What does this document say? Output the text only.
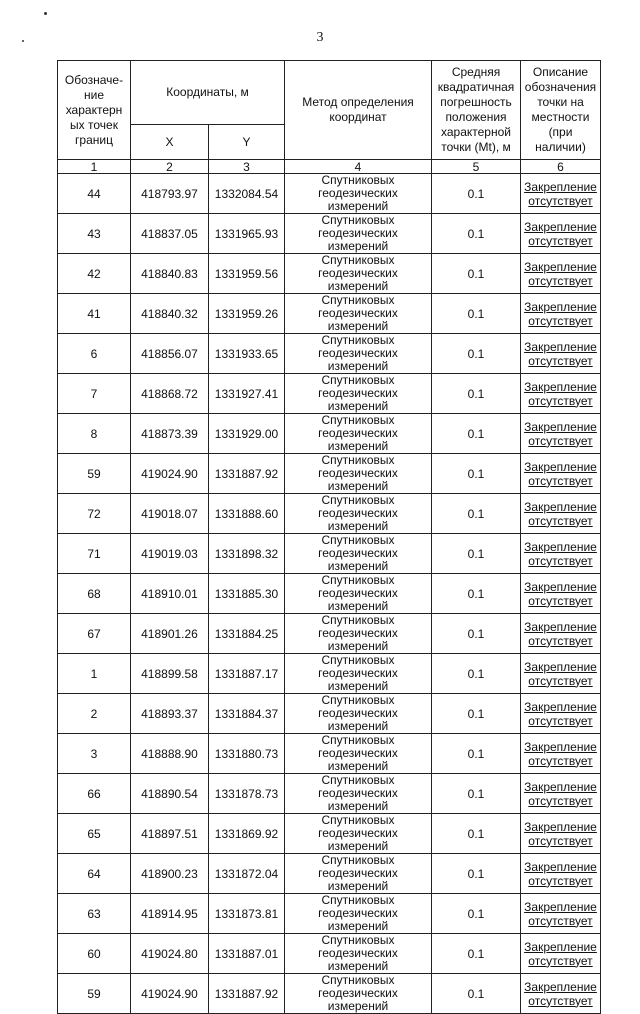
3
Обозначе-ние характерн ых точек границ	Координаты, м		Метод определения координат	Средняя квадратичная погрешность положения характерной точки (Mt), м	Описание обозначения точки на местности (при наличии)
	X	Y			
1	2	3	4	5	6
44	418793.97	1332084.54	Спутниковых геодезических измерений	0.1	Закрепление отсутствует
43	418837.05	1331965.93	Спутниковых геодезических измерений	0.1	Закрепление отсутствует
42	418840.83	1331959.56	Спутниковых геодезических измерений	0.1	Закрепление отсутствует
41	418840.32	1331959.26	Спутниковых геодезических измерений	0.1	Закрепление отсутствует
6	418856.07	1331933.65	Спутниковых геодезических измерений	0.1	Закрепление отсутствует
7	418868.72	1331927.41	Спутниковых геодезических измерений	0.1	Закрепление отсутствует
8	418873.39	1331929.00	Спутниковых геодезических измерений	0.1	Закрепление отсутствует
59	419024.90	1331887.92	Спутниковых геодезических измерений	0.1	Закрепление отсутствует
72	419018.07	1331888.60	Спутниковых геодезических измерений	0.1	Закрепление отсутствует
71	419019.03	1331898.32	Спутниковых геодезических измерений	0.1	Закрепление отсутствует
68	418910.01	1331885.30	Спутниковых геодезических измерений	0.1	Закрепление отсутствует
67	418901.26	1331884.25	Спутниковых геодезических измерений	0.1	Закрепление отсутствует
1	418899.58	1331887.17	Спутниковых геодезических измерений	0.1	Закрепление отсутствует
2	418893.37	1331884.37	Спутниковых геодезических измерений	0.1	Закрепление отсутствует
3	418888.90	1331880.73	Спутниковых геодезических измерений	0.1	Закрепление отсутствует
66	418890.54	1331878.73	Спутниковых геодезических измерений	0.1	Закрепление отсутствует
65	418897.51	1331869.92	Спутниковых геодезических измерений	0.1	Закрепление отсутствует
64	418900.23	1331872.04	Спутниковых геодезических измерений	0.1	Закрепление отсутствует
63	418914.95	1331873.81	Спутниковых геодезических измерений	0.1	Закрепление отсутствует
60	419024.80	1331887.01	Спутниковых геодезических измерений	0.1	Закрепление отсутствует
59	419024.90	1331887.92	Спутниковых геодезических измерений	0.1	Закрепление отсутствует
